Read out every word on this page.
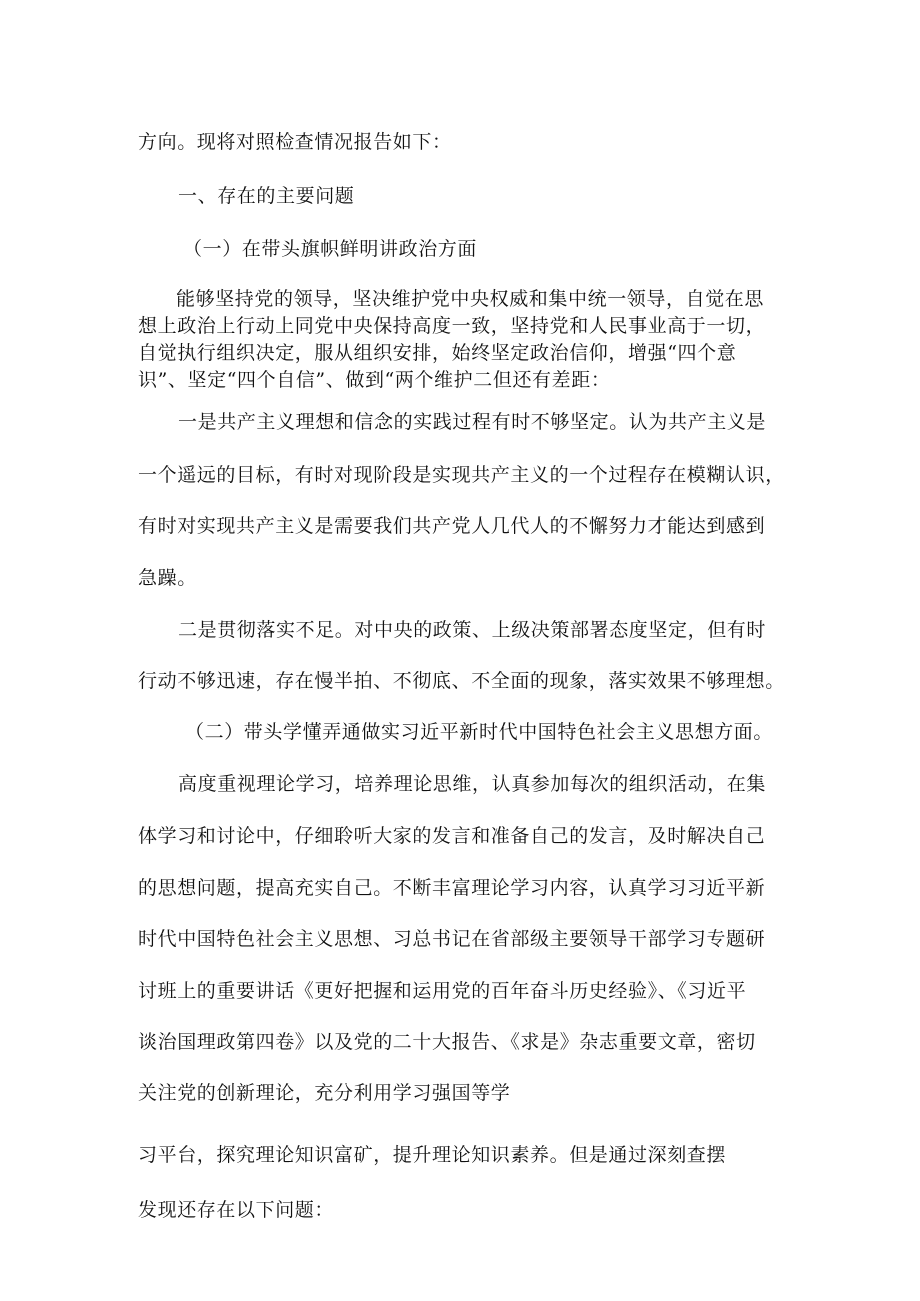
方向。现将对照检查情况报告如下：

一、存在的主要问题

（一）在带头旗帜鲜明讲政治方面

能够坚持党的领导，坚决维护党中央权威和集中统一领导，自觉在思
想上政治上行动上同党中央保持高度一致，坚持党和人民事业高于一切，
自觉执行组织决定，服从组织安排，始终坚定政治信仰，增强“四个意
识”、坚定“四个自信”、做到“两个维护二但还有差距：

一是共产主义理想和信念的实践过程有时不够坚定。认为共产主义是

一个遥远的目标，有时对现阶段是实现共产主义的一个过程存在模糊认识，

有时对实现共产主义是需要我们共产党人几代人的不懈努力才能达到感到

急躁。

二是贯彻落实不足。对中央的政策、上级决策部署态度坚定，但有时

行动不够迅速，存在慢半拍、不彻底、不全面的现象，落实效果不够理想。

（二）带头学懂弄通做实习近平新时代中国特色社会主义思想方面。

高度重视理论学习，培养理论思维，认真参加每次的组织活动，在集

体学习和讨论中，仔细聆听大家的发言和准备自己的发言，及时解决自己

的思想问题，提高充实自己。不断丰富理论学习内容，认真学习习近平新

时代中国特色社会主义思想、习总书记在省部级主要领导干部学习专题研

讨班上的重要讲话《更好把握和运用党的百年奋斗历史经验》、《习近平

谈治国理政第四卷》以及党的二十大报告、《求是》杂志重要文章，密切

关注党的创新理论，充分利用学习强国等学

习平台，探究理论知识富矿，提升理论知识素养。但是通过深刻查摆

发现还存在以下问题：
